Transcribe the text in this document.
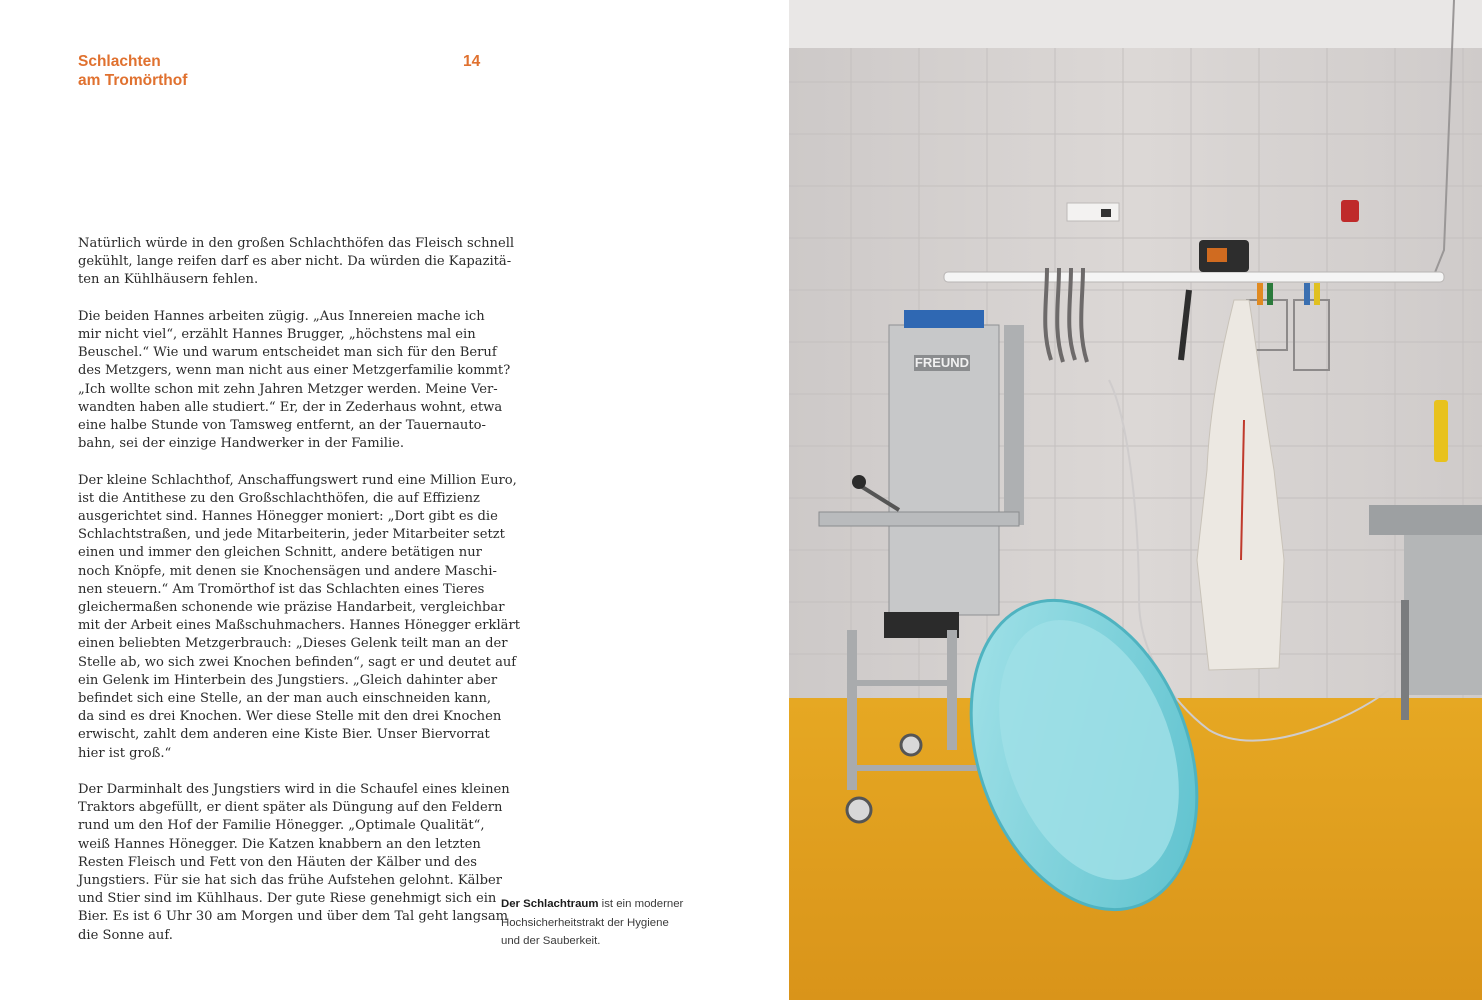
Schlachten
am Tromörthof
14

Natürlich würde in den großen Schlachthöfen das Fleisch schnell
gekühlt, lange reifen darf es aber nicht. Da würden die Kapazitä-
ten an Kühlhäusern fehlen.

Die beiden Hannes arbeiten zügig. „Aus Innereien mache ich
mir nicht viel“, erzählt Hannes Brugger, „höchstens mal ein
Beuschel.“ Wie und warum entscheidet man sich für den Beruf
des Metzgers, wenn man nicht aus einer Metzgerfamilie kommt?
„Ich wollte schon mit zehn Jahren Metzger werden. Meine Ver-
wandten haben alle studiert.“ Er, der in Zederhaus wohnt, etwa
eine halbe Stunde von Tamsweg entfernt, an der Tauernauto-
bahn, sei der einzige Handwerker in der Familie.

Der kleine Schlachthof, Anschaffungswert rund eine Million Euro,
ist die Antithese zu den Großschlachthöfen, die auf Effizienz
ausgerichtet sind. Hannes Hönegger moniert: „Dort gibt es die
Schlachtstraßen, und jede Mitarbeiterin, jeder Mitarbeiter setzt
einen und immer den gleichen Schnitt, andere betätigen nur
noch Knöpfe, mit denen sie Knochensägen und andere Maschi-
nen steuern.“ Am Tromörthof ist das Schlachten eines Tieres
gleichermaßen schonende wie präzise Handarbeit, vergleichbar
mit der Arbeit eines Maßschuhmachers. Hannes Hönegger erklärt
einen beliebten Metzgerbrauch: „Dieses Gelenk teilt man an der
Stelle ab, wo sich zwei Knochen befinden“, sagt er und deutet auf
ein Gelenk im Hinterbein des Jungstiers. „Gleich dahinter aber
befindet sich eine Stelle, an der man auch einschneiden kann,
da sind es drei Knochen. Wer diese Stelle mit den drei Knochen
erwischt, zahlt dem anderen eine Kiste Bier. Unser Biervorrat
hier ist groß.“

Der Darminhalt des Jungstiers wird in die Schaufel eines kleinen
Traktors abgefüllt, er dient später als Düngung auf den Feldern
rund um den Hof der Familie Hönegger. „Optimale Qualität“,
weiß Hannes Hönegger. Die Katzen knabbern an den letzten
Resten Fleisch und Fett von den Häuten der Kälber und des
Jungstiers. Für sie hat sich das frühe Aufstehen gelohnt. Kälber
und Stier sind im Kühlhaus. Der gute Riese genehmigt sich ein
Bier. Es ist 6 Uhr 30 am Morgen und über dem Tal geht langsam
die Sonne auf.

Der Schlachtraum ist ein moderner
Hochsicherheitstrakt der Hygiene
und der Sauberkeit.
FREUND
